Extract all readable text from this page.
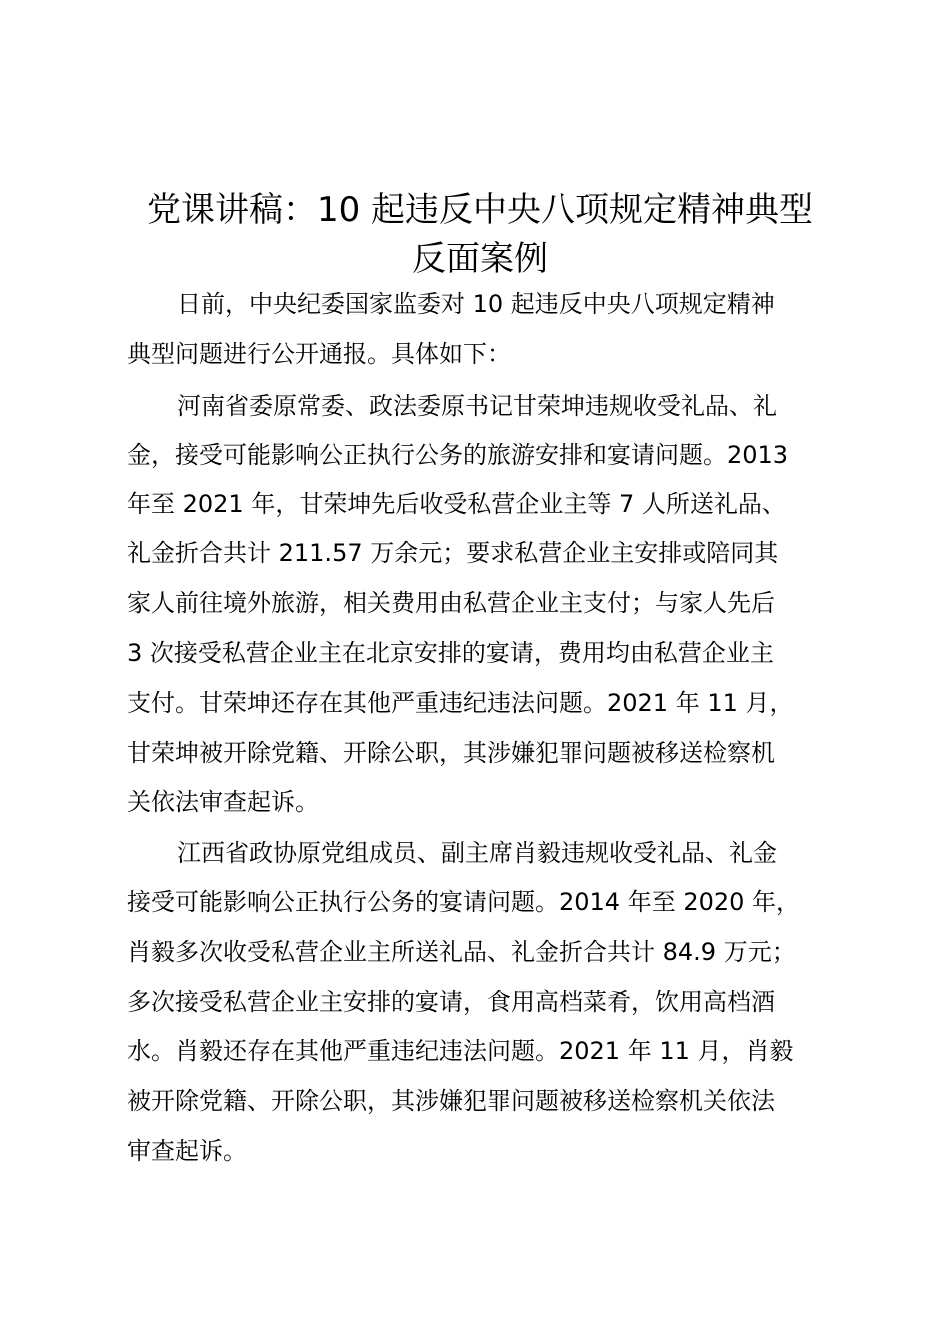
党课讲稿：10 起违反中央八项规定精神典型
反面案例

日前，中央纪委国家监委对 10 起违反中央八项规定精神

典型问题进行公开通报。具体如下：

河南省委原常委、政法委原书记甘荣坤违规收受礼品、礼

金，接受可能影响公正执行公务的旅游安排和宴请问题。2013

年至 2021 年，甘荣坤先后收受私营企业主等 7 人所送礼品、

礼金折合共计 211.57 万余元；要求私营企业主安排或陪同其

家人前往境外旅游，相关费用由私营企业主支付；与家人先后

3 次接受私营企业主在北京安排的宴请，费用均由私营企业主

支付。甘荣坤还存在其他严重违纪违法问题。2021 年 11 月，

甘荣坤被开除党籍、开除公职，其涉嫌犯罪问题被移送检察机

关依法审查起诉。

江西省政协原党组成员、副主席肖毅违规收受礼品、礼金

接受可能影响公正执行公务的宴请问题。2014 年至 2020 年，

肖毅多次收受私营企业主所送礼品、礼金折合共计 84.9 万元；

多次接受私营企业主安排的宴请，食用高档菜肴，饮用高档酒

水。肖毅还存在其他严重违纪违法问题。2021 年 11 月，肖毅

被开除党籍、开除公职，其涉嫌犯罪问题被移送检察机关依法

审查起诉。
